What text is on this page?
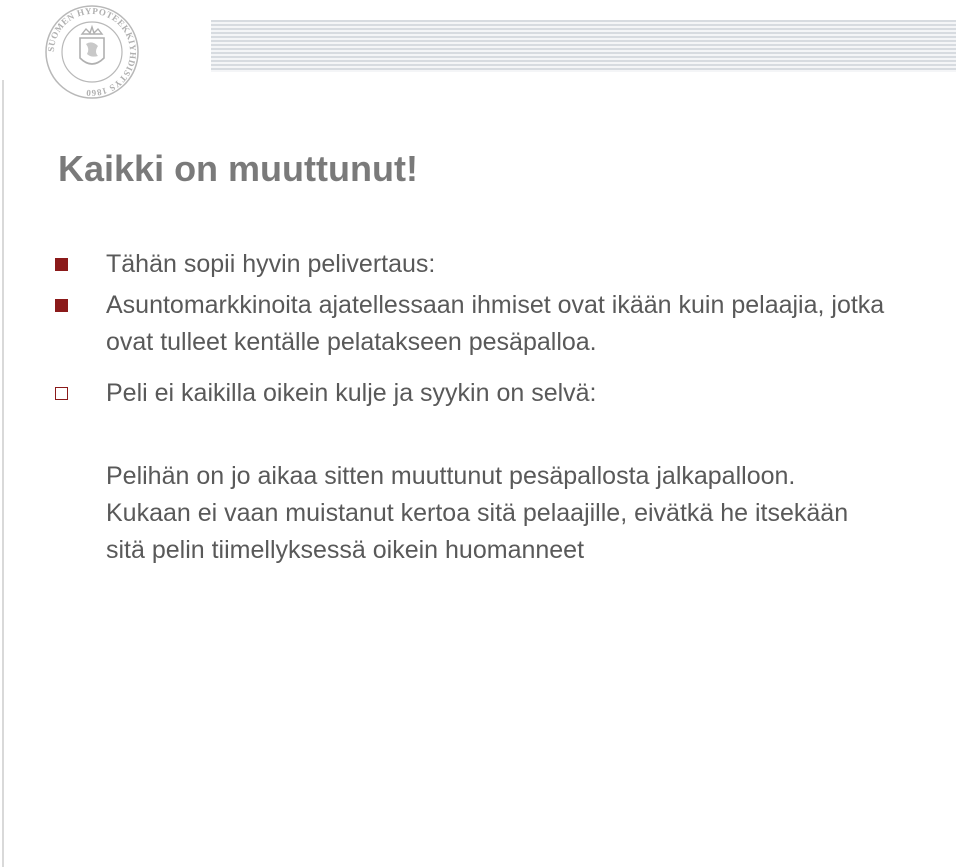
SUOMEN HYPOTEEKKIYHDISTYS 1860
Kaikki on muuttunut!
Tähän sopii hyvin pelivertaus:
Asuntomarkkinoita ajatellessaan ihmiset ovat ikään kuin pelaajia, jotka ovat tulleet kentälle pelatakseen pesäpalloa.
Peli ei kaikilla oikein kulje ja syykin on selvä:

Pelihän on jo aikaa sitten muuttunut pesäpallosta jalkapalloon. Kukaan ei vaan muistanut kertoa sitä pelaajille, eivätkä he itsekään sitä pelin tiimellyksessä oikein huomanneet
